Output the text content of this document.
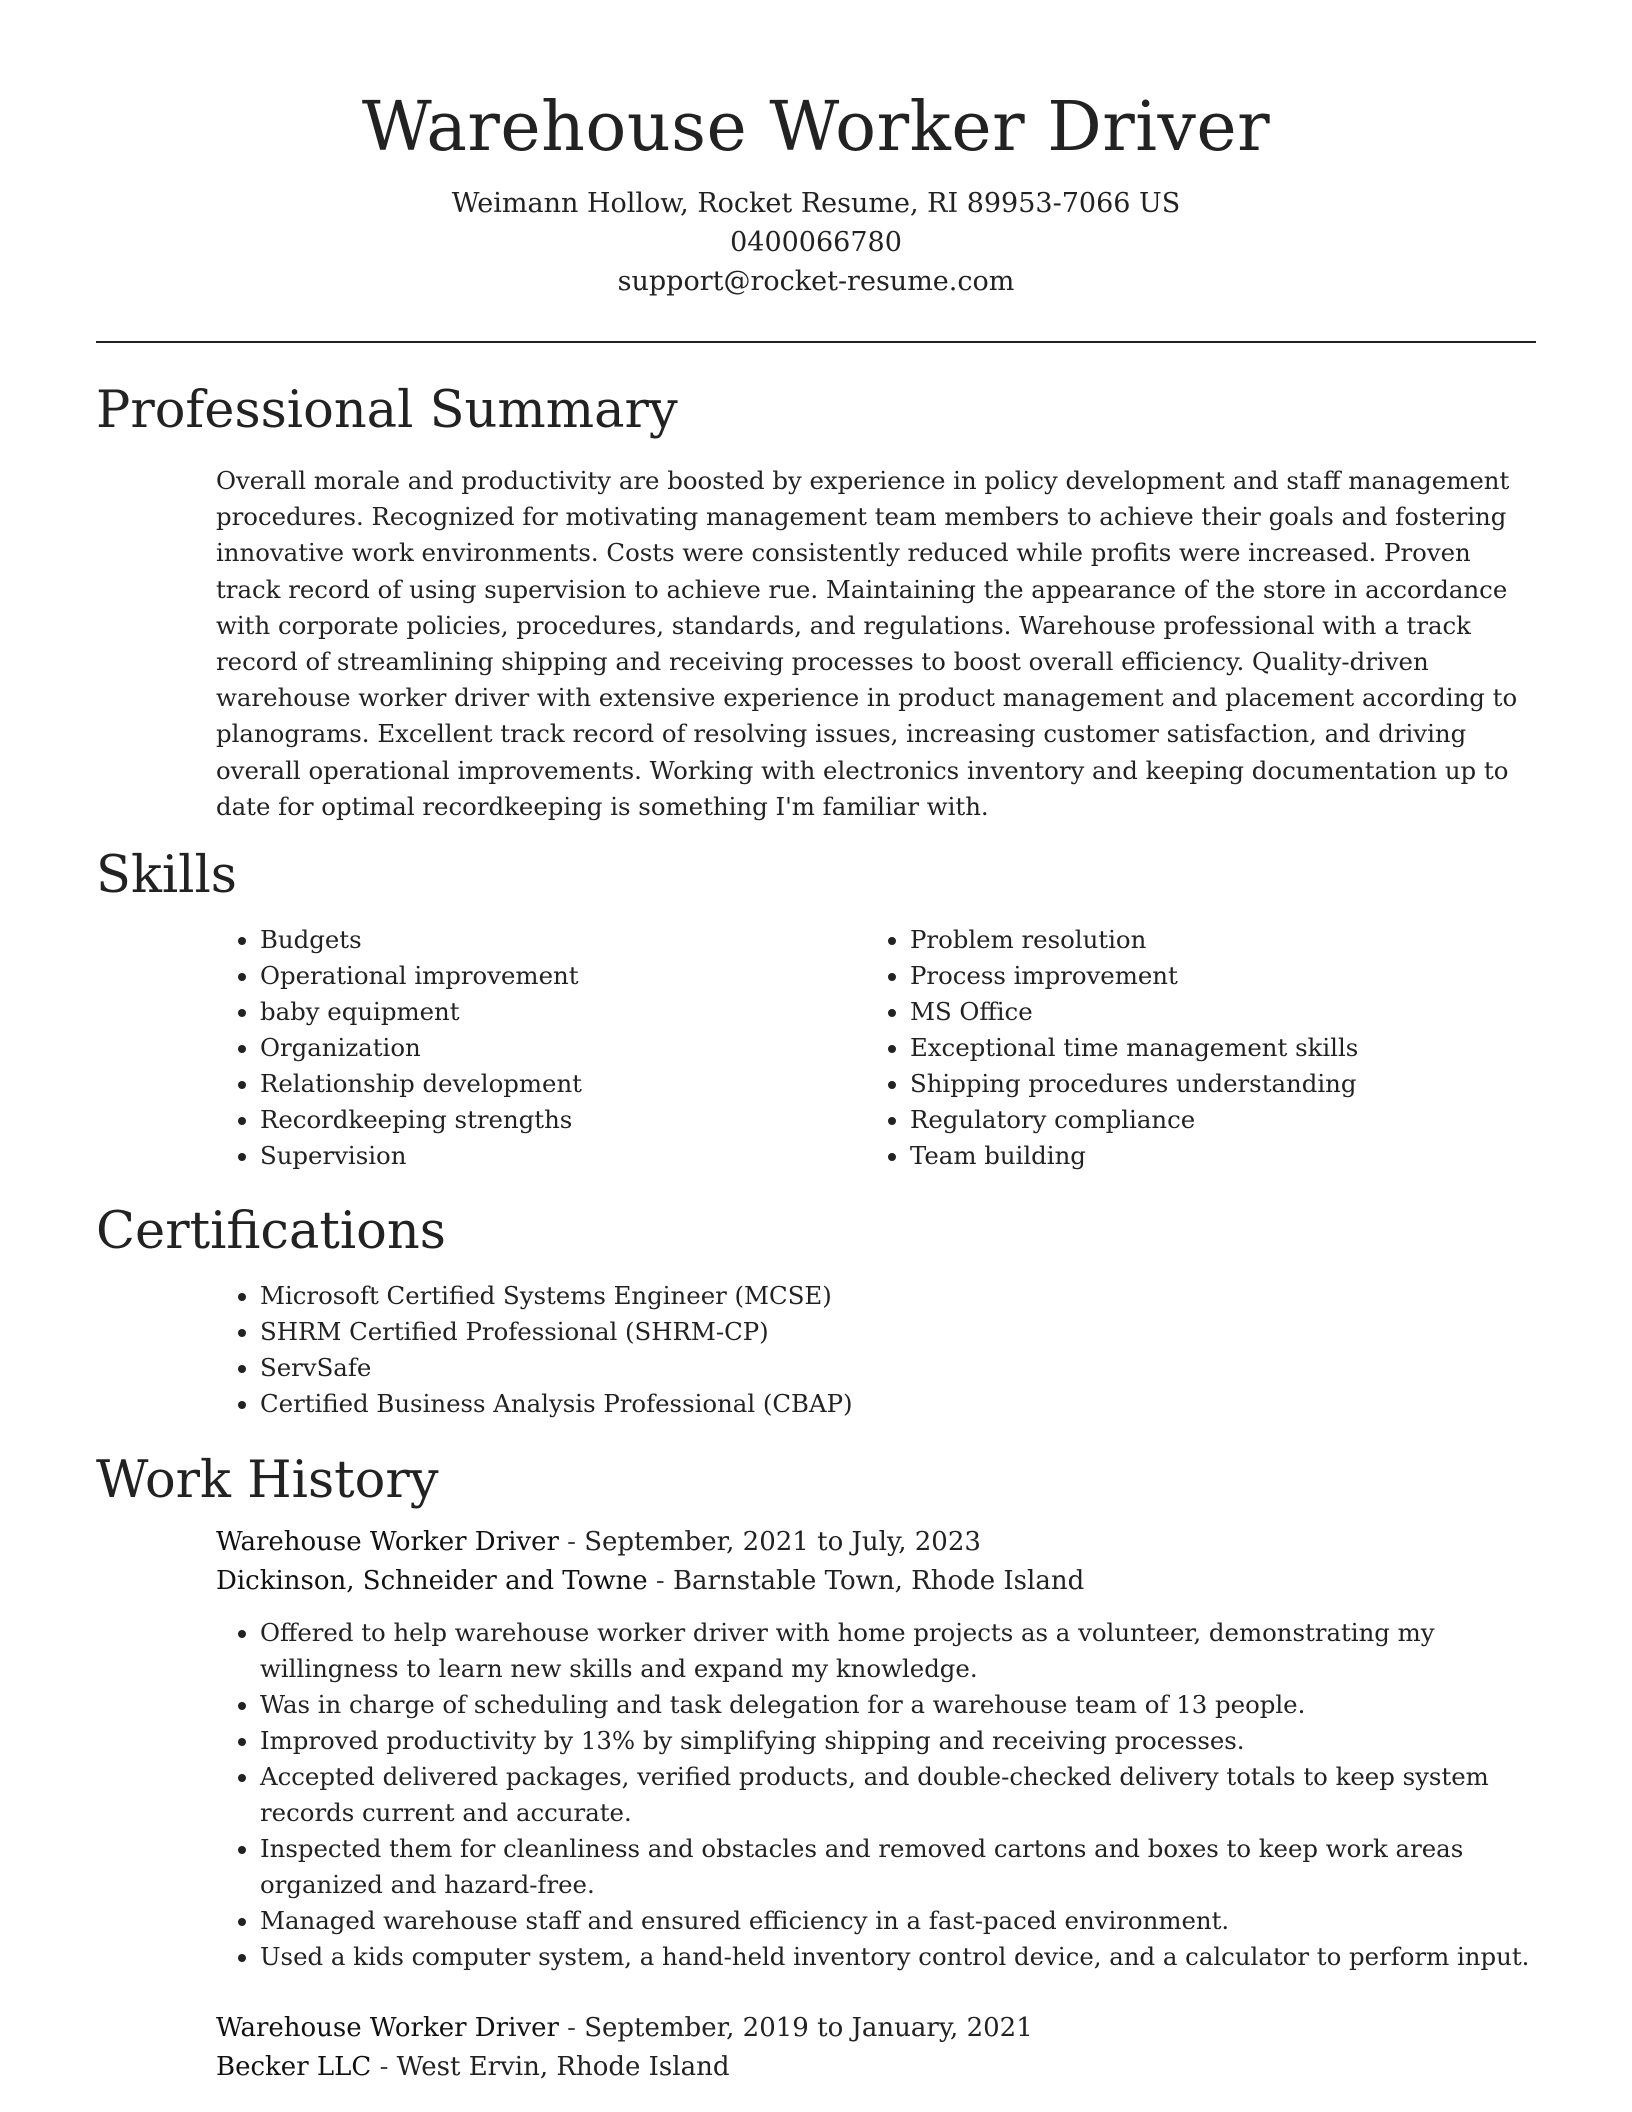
Warehouse Worker Driver
Weimann Hollow, Rocket Resume, RI 89953-7066 US
0400066780
support@rocket-resume.com
Professional Summary
Overall morale and productivity are boosted by experience in policy development and staff management procedures. Recognized for motivating management team members to achieve their goals and fostering innovative work environments. Costs were consistently reduced while profits were increased. Proven track record of using supervision to achieve rue. Maintaining the appearance of the store in accordance with corporate policies, procedures, standards, and regulations. Warehouse professional with a track record of streamlining shipping and receiving processes to boost overall efficiency. Quality-driven warehouse worker driver with extensive experience in product management and placement according to planograms. Excellent track record of resolving issues, increasing customer satisfaction, and driving overall operational improvements. Working with electronics inventory and keeping documentation up to date for optimal recordkeeping is something I'm familiar with.
Skills
• Budgets
• Operational improvement
• baby equipment
• Organization
• Relationship development
• Recordkeeping strengths
• Supervision
• Problem resolution
• Process improvement
• MS Office
• Exceptional time management skills
• Shipping procedures understanding
• Regulatory compliance
• Team building
Certifications
• Microsoft Certified Systems Engineer (MCSE)
• SHRM Certified Professional (SHRM-CP)
• ServSafe
• Certified Business Analysis Professional (CBAP)
Work History
Warehouse Worker Driver - September, 2021 to July, 2023
Dickinson, Schneider and Towne - Barnstable Town, Rhode Island
• Offered to help warehouse worker driver with home projects as a volunteer, demonstrating my willingness to learn new skills and expand my knowledge.
• Was in charge of scheduling and task delegation for a warehouse team of 13 people.
• Improved productivity by 13% by simplifying shipping and receiving processes.
• Accepted delivered packages, verified products, and double-checked delivery totals to keep system records current and accurate.
• Inspected them for cleanliness and obstacles and removed cartons and boxes to keep work areas organized and hazard-free.
• Managed warehouse staff and ensured efficiency in a fast-paced environment.
• Used a kids computer system, a hand-held inventory control device, and a calculator to perform input.
Warehouse Worker Driver - September, 2019 to January, 2021
Becker LLC - West Ervin, Rhode Island
